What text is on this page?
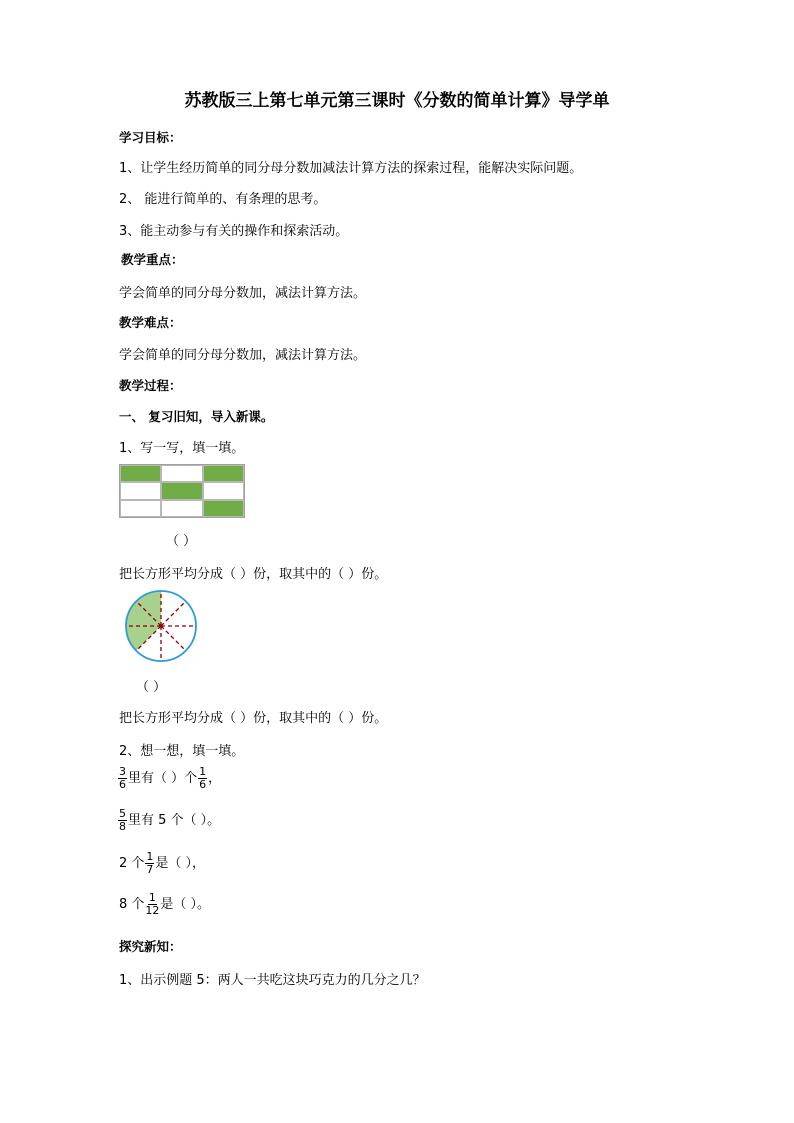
苏教版三上第七单元第三课时《分数的简单计算》导学单
学习目标：
1、让学生经历简单的同分母分数加减法计算方法的探索过程，能解决实际问题。
2、 能进行简单的、有条理的思考。
3、能主动参与有关的操作和探索活动。
教学重点：
学会简单的同分母分数加，减法计算方法。
教学难点：
学会简单的同分母分数加，减法计算方法。
教学过程：
一、 复习旧知，导入新课。
1、写一写，填一填。
（ ）
把长方形平均分成（ ）份，取其中的（ ）份。
（ ）
把长方形平均分成（ ）份，取其中的（ ）份。
2、想一想，填一填。
$\frac{3}{6}$ 里有（ ）个 $\frac{1}{6}$ ，
$\frac{5}{8}$ 里有 5 个（ ）。
2 个 $\frac{1}{7}$ 是（ ），
8 个 $\frac{1}{12}$ 是（ ）。
探究新知：
1、出示例题 5：两人一共吃这块巧克力的几分之几？
